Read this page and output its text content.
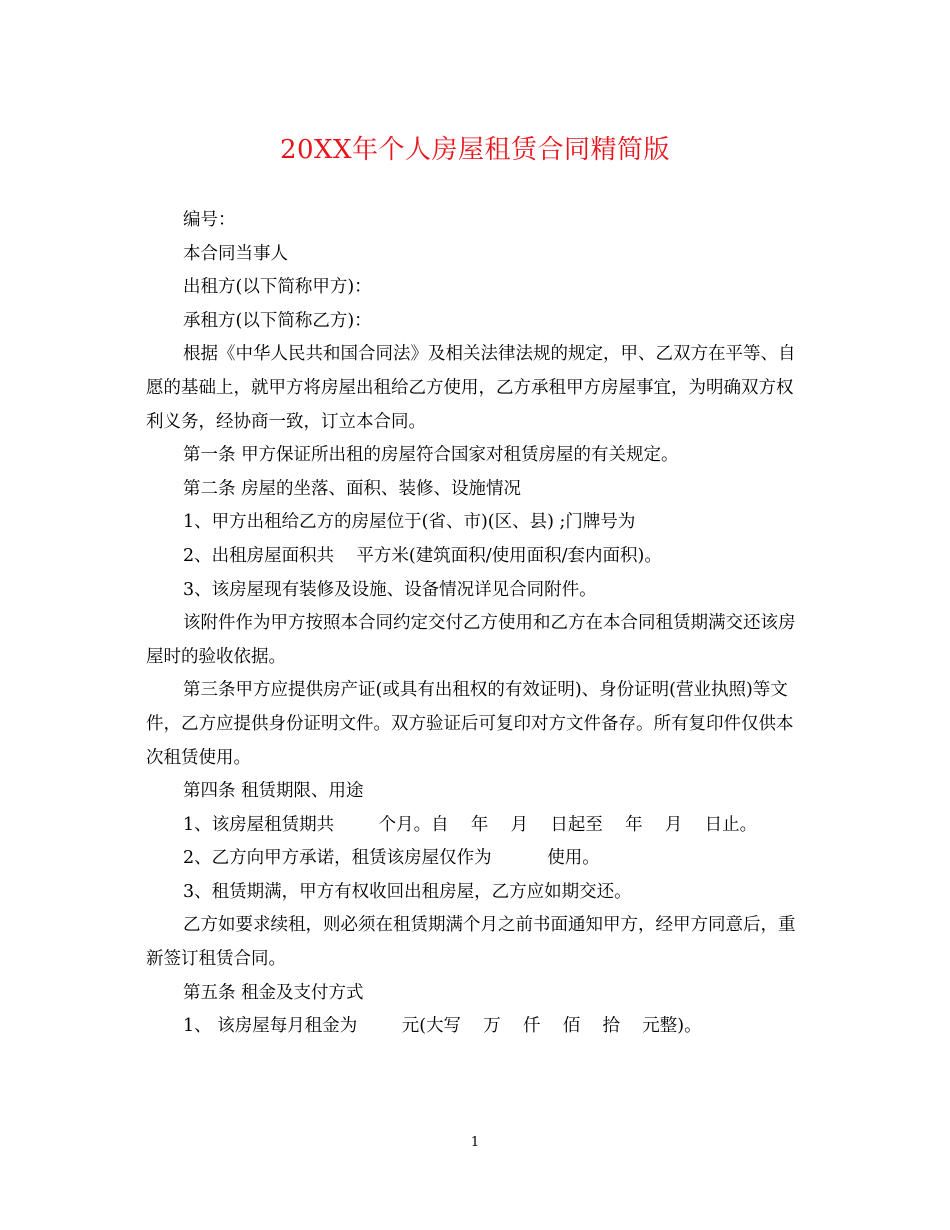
20XX年个人房屋租赁合同精简版

编号：

本合同当事人

出租方(以下简称甲方)：

承租方(以下简称乙方)：

根据《中华人民共和国合同法》及相关法律法规的规定，甲、乙双方在平等、自愿的基础上，就甲方将房屋出租给乙方使用，乙方承租甲方房屋事宜，为明确双方权利义务，经协商一致，订立本合同。

第一条 甲方保证所出租的房屋符合国家对租赁房屋的有关规定。

第二条 房屋的坐落、面积、装修、设施情况

1、甲方出租给乙方的房屋位于(省、市)(区、县) ;门牌号为

2、出租房屋面积共    平方米(建筑面积/使用面积/套内面积)。

3、该房屋现有装修及设施、设备情况详见合同附件。

该附件作为甲方按照本合同约定交付乙方使用和乙方在本合同租赁期满交还该房屋时的验收依据。

第三条甲方应提供房产证(或具有出租权的有效证明)、身份证明(营业执照)等文件，乙方应提供身份证明文件。双方验证后可复印对方文件备存。所有复印件仅供本次租赁使用。

第四条 租赁期限、用途

1、该房屋租赁期共        个月。自    年    月    日起至    年    月    日止。

2、乙方向甲方承诺，租赁该房屋仅作为          使用。

3、租赁期满，甲方有权收回出租房屋，乙方应如期交还。

乙方如要求续租，则必须在租赁期满个月之前书面通知甲方，经甲方同意后，重新签订租赁合同。

第五条 租金及支付方式

1、 该房屋每月租金为        元(大写    万    仟    佰    拾    元整)。

1
